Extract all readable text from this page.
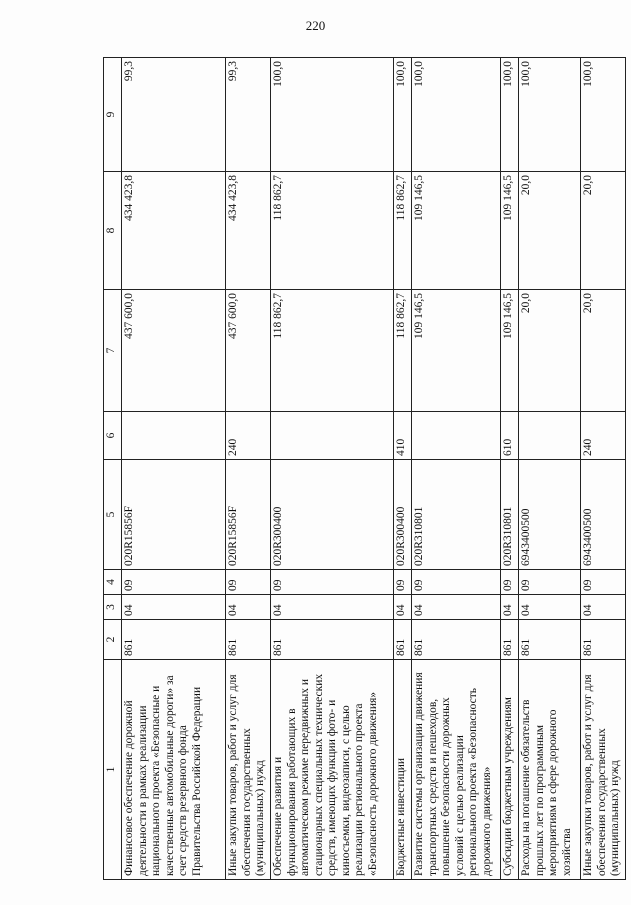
220
1	2	3	4	5	6	7	8	9
Финансовое обеспечение дорожной деятельности в рамках реализации национального проекта «Безопасные и качественные автомобильные дороги» за счет средств резервного фонда Правительства Российской Федерации	861	04	09	020R15856F		437 600,0	434 423,8	99,3
Иные закупки товаров, работ и услуг для обеспечения государственных (муниципальных) нужд	861	04	09	020R15856F	240	437 600,0	434 423,8	99,3
Обеспечение развития и функционирования работающих в автоматическом режиме передвижных и стационарных специальных технических средств, имеющих функции фото- и киносъемки, видеозаписи, с целью реализации регионального проекта «Безопасность дорожного движения»	861	04	09	020R300400		118 862,7	118 862,7	100,0
Бюджетные инвестиции	861	04	09	020R300400	410	118 862,7	118 862,7	100,0
Развитие системы организации движения транспортных средств и пешеходов, повышение безопасности дорожных условий с целью реализации регионального проекта «Безопасность дорожного движения»	861	04	09	020R310801		109 146,5	109 146,5	100,0
Субсидии бюджетным учреждениям	861	04	09	020R310801	610	109 146,5	109 146,5	100,0
Расходы на погашение обязательств прошлых лет по программным мероприятиям в сфере дорожного хозяйства	861	04	09	6943400500		20,0	20,0	100,0
Иные закупки товаров, работ и услуг для обеспечения государственных (муниципальных) нужд	861	04	09	6943400500	240	20,0	20,0	100,0
